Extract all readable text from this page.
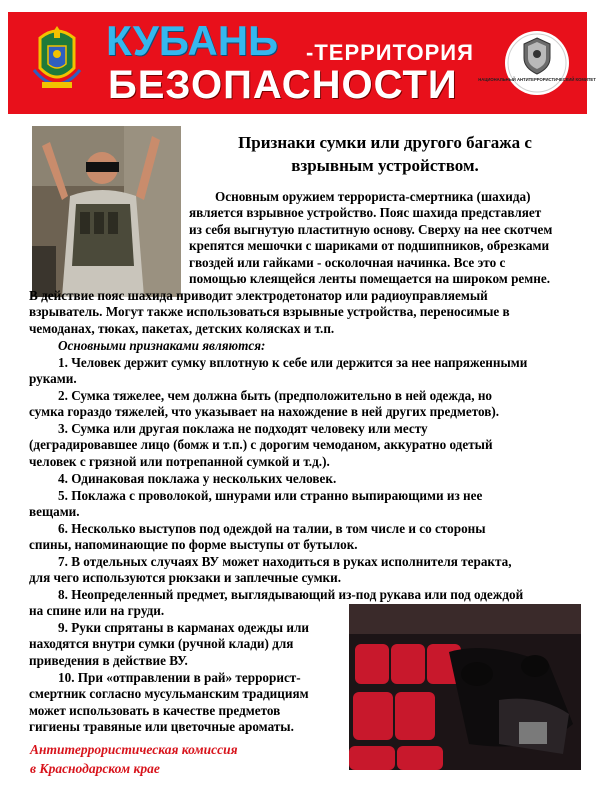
КУБАНЬ -ТЕРРИТОРИЯ
БЕЗОПАСНОСТИ	НАЦИОНАЛЬНЫЙ АНТИТЕРРОРИСТИЧЕСКИЙ КОМИТЕТ
Признаки сумки или другого багажа с взрывным устройством.
Основным оружием террориста-смертника (шахида)
является взрывное устройство. Пояс шахида представляет
из себя выгнутую пластитную основу. Сверху на нее скотчем
крепятся мешочки с шариками от подшипников, обрезками
гвоздей или гайками - осколочная начинка. Все это с
помощью клеящейся ленты помещается на широком ремне.
В действие пояс шахида приводит электродетонатор или радиоуправляемый
взрыватель. Могут также использоваться взрывные устройства, переносимые в
чемоданах, тюках, пакетах, детских колясках и т.п.
Основными признаками являются:
1. Человек держит сумку вплотную к себе или держится за нее напряженными
руками.
2. Сумка тяжелее, чем должна быть (предположительно в ней одежда, но
сумка гораздо тяжелей, что указывает на нахождение в ней других предметов).
3. Сумка или другая поклажа не подходят человеку или месту
(деградировавшее лицо (бомж и т.п.) с дорогим чемоданом, аккуратно одетый
человек с грязной или потрепанной сумкой и т.д.).
4. Одинаковая поклажа у нескольких человек.
5. Поклажа с проволокой, шнурами или странно выпирающими из нее
вещами.
6. Несколько выступов под одеждой на талии, в том числе и со стороны
спины, напоминающие по форме выступы от бутылок.
7. В отдельных случаях ВУ может находиться в руках исполнителя теракта,
для чего используются рюкзаки и заплечные сумки.
8. Неопределенный предмет, выглядывающий из-под рукава или под одеждой
на спине или на груди.
9. Руки спрятаны в карманах одежды или
находятся внутри сумки (ручной клади) для
приведения в действие ВУ.
10. При «отправлении в рай» террорист-
смертник согласно мусульманским традициям
может использовать в качестве предметов
гигиены травяные или цветочные ароматы.
Антитеррористическая комиссия
в Краснодарском крае
